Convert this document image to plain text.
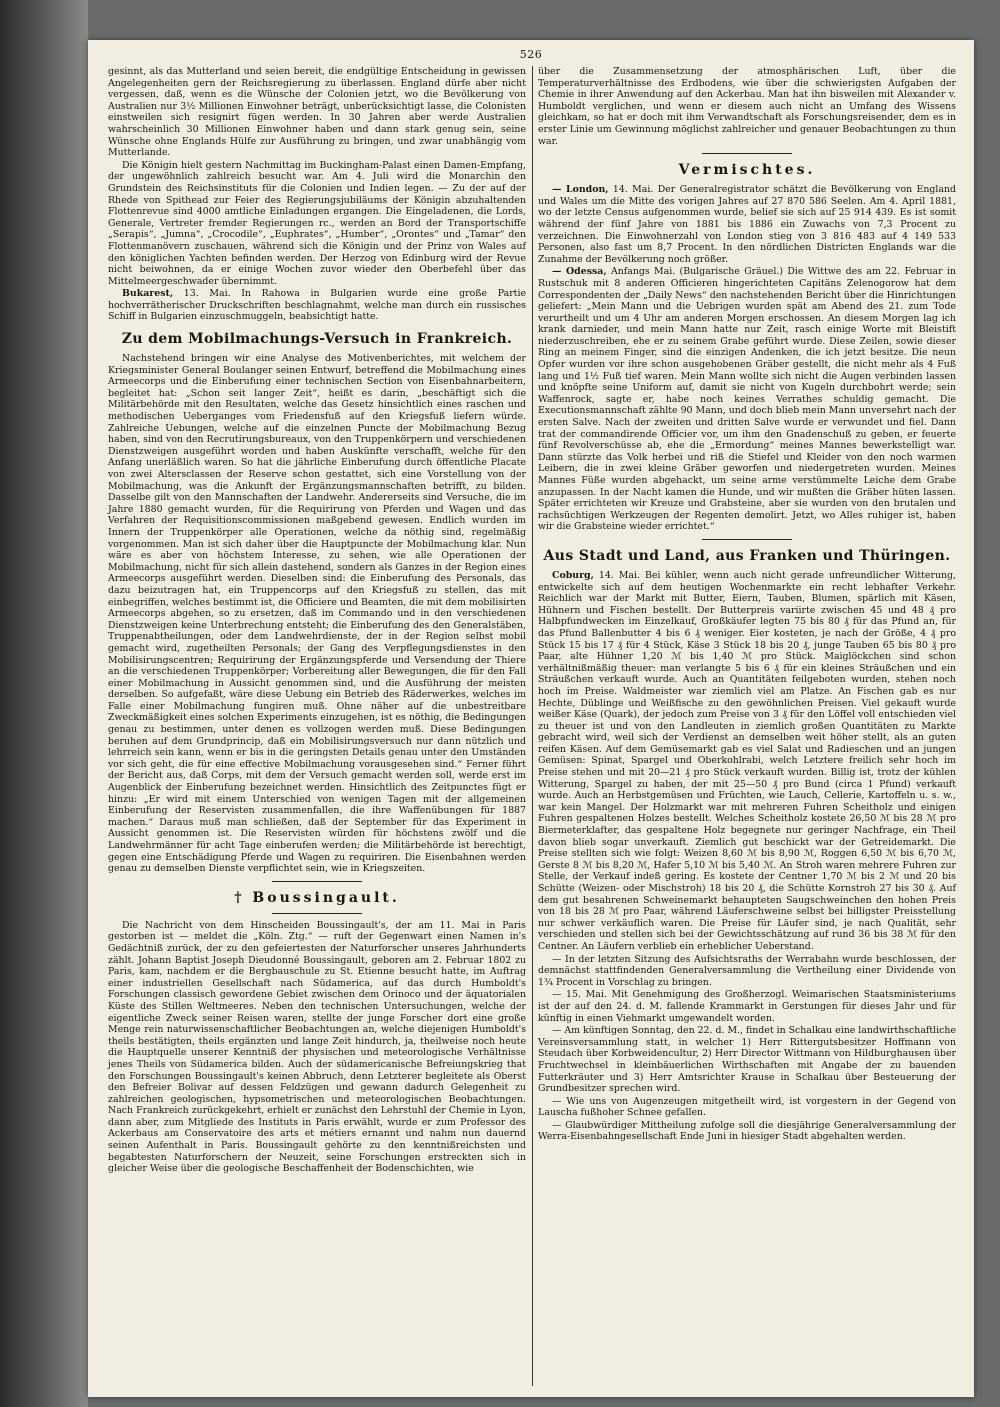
526

gesinnt, als das Mutterland und seien bereit, die endgültige Entscheidung in gewissen Angelegenheiten gern der Reichsregierung zu überlassen. England dürfe aber nicht vergessen, daß, wenn es die Wünsche der Colonien jetzt, wo die Bevölkerung von Australien nur 3½ Millionen Einwohner beträgt, unberücksichtigt lasse, die Colonisten einstweilen sich resignirt fügen werden. In 30 Jahren aber werde Australien wahrscheinlich 30 Millionen Einwohner haben und dann stark genug sein, seine Wünsche ohne Englands Hülfe zur Ausführung zu bringen, und zwar unabhängig vom Mutterlande.

Die Königin hielt gestern Nachmittag im Buckingham-Palast einen Damen-Empfang, der ungewöhnlich zahlreich besucht war. Am 4. Juli wird die Monarchin den Grundstein des Reichsinstituts für die Colonien und Indien legen. — Zu der auf der Rhede von Spithead zur Feier des Regierungsjubiläums der Königin abzuhaltenden Flottenrevue sind 4000 amtliche Einladungen ergangen. Die Eingeladenen, die Lords, Generale, Vertreter fremder Regierungen rc., werden an Bord der Transportschiffe „Serapis“, „Jumna“, „Crocodile“, „Euphrates“, „Humber“, „Orontes“ und „Tamar“ den Flottenmanövern zuschauen, während sich die Königin und der Prinz von Wales auf den königlichen Yachten befinden werden. Der Herzog von Edinburg wird der Revue nicht beiwohnen, da er einige Wochen zuvor wieder den Oberbefehl über das Mittelmeergeschwader übernimmt.

Bukarest, 13. Mai. In Rahowa in Bulgarien wurde eine große Partie hochverrätherischer Druckschriften beschlagnahmt, welche man durch ein russisches Schiff in Bulgarien einzuschmuggeln, beabsichtigt hatte.

Zu dem Mobilmachungs-Versuch in Frankreich.

Nachstehend bringen wir eine Analyse des Motivenberichtes, mit welchem der Kriegsminister General Boulanger seinen Entwurf, betreffend die Mobilmachung eines Armeecorps und die Einberufung einer technischen Section von Eisenbahnarbeitern, begleitet hat: „Schon seit langer Zeit“, heißt es darin, „beschäftigt sich die Militärbehörde mit den Resultaten, welche das Gesetz hinsichtlich eines raschen und methodischen Ueberganges vom Friedensfuß auf den Kriegsfuß liefern würde. Zahlreiche Uebungen, welche auf die einzelnen Puncte der Mobilmachung Bezug haben, sind von den Recrutirungsbureaux, von den Truppenkörpern und verschiedenen Dienstzweigen ausgeführt worden und haben Auskünfte verschafft, welche für den Anfang unerläßlich waren. So hat die jährliche Einberufung durch öffentliche Placate von zwei Altersclassen der Reserve schon gestattet, sich eine Vorstellung von der Mobilmachung, was die Ankunft der Ergänzungsmannschaften betrifft, zu bilden. Dasselbe gilt von den Mannschaften der Landwehr. Andererseits sind Versuche, die im Jahre 1880 gemacht wurden, für die Requirirung von Pferden und Wagen und das Verfahren der Requisitionscommissionen maßgebend gewesen. Endlich wurden im Innern der Truppenkörper alle Operationen, welche da nöthig sind, regelmäßig vorgenommen. Man ist sich daher über die Hauptpuncte der Mobilmachung klar. Nun wäre es aber von höchstem Interesse, zu sehen, wie alle Operationen der Mobilmachung, nicht für sich allein dastehend, sondern als Ganzes in der Region eines Armeecorps ausgeführt werden. Dieselben sind: die Einberufung des Personals, das dazu beizutragen hat, ein Truppencorps auf den Kriegsfuß zu stellen, das mit einbegriffen, welches bestimmt ist, die Officiere und Beamten, die mit dem mobilisirten Armeecorps abgehen, so zu ersetzen, daß im Commando und in den verschiedenen Dienstzweigen keine Unterbrechung entsteht; die Einberufung des den Generalstäben, Truppenabtheilungen, oder dem Landwehrdienste, der in der Region selbst mobil gemacht wird, zugetheilten Personals; der Gang des Verpflegungsdienstes in den Mobilisirungscentren; Requirirung der Ergänzungspferde und Versendung der Thiere an die verschiedenen Truppenkörper; Vorbereitung aller Bewegungen, die für den Fall einer Mobilmachung in Aussicht genommen sind, und die Ausführung der meisten derselben. So aufgefaßt, wäre diese Uebung ein Betrieb des Räderwerkes, welches im Falle einer Mobilmachung fungiren muß. Ohne näher auf die unbestreitbare Zweckmäßigkeit eines solchen Experiments einzugehen, ist es nöthig, die Bedingungen genau zu bestimmen, unter denen es vollzogen werden muß. Diese Bedingungen beruhen auf dem Grundprincip, daß ein Mobilisirungsversuch nur dann nützlich und lehrreich sein kann, wenn er bis in die geringsten Details genau unter den Umständen vor sich geht, die für eine effective Mobilmachung vorausgesehen sind.“ Ferner führt der Bericht aus, daß Corps, mit dem der Versuch gemacht werden soll, werde erst im Augenblick der Einberufung bezeichnet werden. Hinsichtlich des Zeitpunctes fügt er hinzu: „Er wird mit einem Unterschied von wenigen Tagen mit der allgemeinen Einberufung der Reservisten zusammenfallen, die ihre Waffenübungen für 1887 machen.“ Daraus muß man schließen, daß der September für das Experiment in Aussicht genommen ist. Die Reservisten würden für höchstens zwölf und die Landwehrmänner für acht Tage einberufen werden; die Militärbehörde ist berechtigt, gegen eine Entschädigung Pferde und Wagen zu requiriren. Die Eisenbahnen werden genau zu demselben Dienste verpflichtet sein, wie in Kriegszeiten.

† Boussingault.

Die Nachricht von dem Hinscheiden Boussingault's, der am 11. Mai in Paris gestorben ist — meldet die „Köln. Ztg.“ — ruft der Gegenwart einen Namen in's Gedächtniß zurück, der zu den gefeiertesten der Naturforscher unseres Jahrhunderts zählt. Johann Baptist Joseph Dieudonné Boussingault, geboren am 2. Februar 1802 zu Paris, kam, nachdem er die Bergbauschule zu St. Etienne besucht hatte, im Auftrag einer industriellen Gesellschaft nach Südamerica, auf das durch Humboldt's Forschungen classisch gewordene Gebiet zwischen dem Orinoco und der äquatorialen Küste des Stillen Weltmeeres. Neben den technischen Untersuchungen, welche der eigentliche Zweck seiner Reisen waren, stellte der junge Forscher dort eine große Menge rein naturwissenschaftlicher Beobachtungen an, welche diejenigen Humboldt's theils bestätigten, theils ergänzten und lange Zeit hindurch, ja, theilweise noch heute die Hauptquelle unserer Kenntniß der physischen und meteorologische Verhältnisse jenes Theils von Südamerica bilden. Auch der südamericanische Befreiungskrieg that den Forschungen Boussingault's keinen Abbruch, denn Letzterer begleitete als Oberst den Befreier Bolivar auf dessen Feldzügen und gewann dadurch Gelegenheit zu zahlreichen geologischen, hypsometrischen und meteorologischen Beobachtungen. Nach Frankreich zurückgekehrt, erhielt er zunächst den Lehrstuhl der Chemie in Lyon, dann aber, zum Mitgliede des Instituts in Paris erwählt, wurde er zum Professor des Ackerbaus am Conservatoire des arts et métiers ernannt und nahm nun dauernd seinen Aufenthalt in Paris. Boussingault gehörte zu den kenntnißreichsten und begabtesten Naturforschern der Neuzeit, seine Forschungen erstreckten sich in gleicher Weise über die geologische Beschaffenheit der Bodenschichten, wie

über die Zusammensetzung der atmosphärischen Luft, über die Temperaturverhältnisse des Erdbodens, wie über die schwierigsten Aufgaben der Chemie in ihrer Anwendung auf den Ackerbau. Man hat ihn bisweilen mit Alexander v. Humboldt verglichen, und wenn er diesem auch nicht an Umfang des Wissens gleichkam, so hat er doch mit ihm Verwandtschaft als Forschungsreisender, dem es in erster Linie um Gewinnung möglichst zahlreicher und genauer Beobachtungen zu thun war.

Vermischtes.

— London, 14. Mai. Der Generalregistrator schätzt die Bevölkerung von England und Wales um die Mitte des vorigen Jahres auf 27 870 586 Seelen. Am 4. April 1881, wo der letzte Census aufgenommen wurde, belief sie sich auf 25 914 439. Es ist somit während der fünf Jahre von 1881 bis 1886 ein Zuwachs von 7,3 Procent zu verzeichnen. Die Einwohnerzahl von London stieg von 3 816 483 auf 4 149 533 Personen, also fast um 8,7 Procent. In den nördlichen Districten Englands war die Zunahme der Bevölkerung noch größer.

— Odessa, Anfangs Mai. (Bulgarische Gräuel.) Die Wittwe des am 22. Februar in Rustschuk mit 8 anderen Officieren hingerichteten Capitäns Zelenogorow hat dem Correspondenten der „Daily News“ den nachstehenden Bericht über die Hinrichtungen geliefert: „Mein Mann und die Uebrigen wurden spät am Abend des 21. zum Tode verurtheilt und um 4 Uhr am anderen Morgen erschossen. An diesem Morgen lag ich krank darnieder, und mein Mann hatte nur Zeit, rasch einige Worte mit Bleistift niederzuschreiben, ehe er zu seinem Grabe geführt wurde. Diese Zeilen, sowie dieser Ring an meinem Finger, sind die einzigen Andenken, die ich jetzt besitze. Die neun Opfer wurden vor ihre schon ausgehobenen Gräber gestellt, die nicht mehr als 4 Fuß lang und 1½ Fuß tief waren. Mein Mann wollte sich nicht die Augen verbinden lassen und knöpfte seine Uniform auf, damit sie nicht von Kugeln durchbohrt werde; sein Waffenrock, sagte er, habe noch keines Verrathes schuldig gemacht. Die Executionsmannschaft zählte 90 Mann, und doch blieb mein Mann unversehrt nach der ersten Salve. Nach der zweiten und dritten Salve wurde er verwundet und fiel. Dann trat der commandirende Officier vor, um ihm den Gnadenschuß zu geben, er feuerte fünf Revolverschüsse ab, ehe die „Ermordung“ meines Mannes bewerkstelligt war. Dann stürzte das Volk herbei und riß die Stiefel und Kleider von den noch warmen Leibern, die in zwei kleine Gräber geworfen und niedergetreten wurden. Meines Mannes Füße wurden abgehackt, um seine arme verstümmelte Leiche dem Grabe anzupassen. In der Nacht kamen die Hunde, und wir mußten die Gräber hüten lassen. Später errichteten wir Kreuze und Grabsteine, aber sie wurden von den brutalen und rachsüchtigen Werkzeugen der Regenten demolirt. Jetzt, wo Alles ruhiger ist, haben wir die Grabsteine wieder errichtet.“

Aus Stadt und Land, aus Franken und Thüringen.

Coburg, 14. Mai. Bei kühler, wenn auch nicht gerade unfreundlicher Witterung, entwickelte sich auf dem heutigen Wochenmarkte ein recht lebhafter Verkehr. Reichlich war der Markt mit Butter, Eiern, Tauben, Blumen, spärlich mit Käsen, Hühnern und Fischen bestellt. Der Butterpreis variirte zwischen 45 und 48 ₰ pro Halbpfundwecken im Einzelkauf, Großkäufer legten 75 bis 80 ₰ für das Pfund an, für das Pfund Ballenbutter 4 bis 6 ₰ weniger. Eier kosteten, je nach der Größe, 4 ₰ pro Stück 15 bis 17 ₰ für 4 Stück, Käse 3 Stück 18 bis 20 ₰, junge Tauben 65 bis 80 ₰ pro Paar, alte Hühner 1,20 ℳ bis 1,40 ℳ pro Stück. Maiglöckchen sind schon verhältnißmäßig theuer: man verlangte 5 bis 6 ₰ für ein kleines Sträußchen und ein Sträußchen verkauft wurde. Auch an Quantitäten feilgeboten wurden, stehen noch hoch im Preise. Waldmeister war ziemlich viel am Platze. An Fischen gab es nur Hechte, Düblinge und Weißfische zu den gewöhnlichen Preisen. Viel gekauft wurde weißer Käse (Quark), der jedoch zum Preise von 3 ₰ für den Löffel voll entschieden viel zu theuer ist und von den Landleuten in ziemlich großen Quantitäten zu Markte gebracht wird, weil sich der Verdienst an demselben weit höher stellt, als an guten reifen Käsen. Auf dem Gemüsemarkt gab es viel Salat und Radieschen und an jungen Gemüsen: Spinat, Spargel und Oberkohlrabi, welch Letztere freilich sehr hoch im Preise stehen und mit 20—21 ₰ pro Stück verkauft wurden. Billig ist, trotz der kühlen Witterung, Spargel zu haben, der mit 25—50 ₰ pro Bund (circa 1 Pfund) verkauft wurde. Auch an Herbstgemüsen und Früchten, wie Lauch, Cellerie, Kartoffeln u. s. w., war kein Mangel. Der Holzmarkt war mit mehreren Fuhren Scheitholz und einigen Fuhren gespaltenen Holzes bestellt. Welches Scheitholz kostete 26,50 ℳ bis 28 ℳ pro Biermeterklafter, das gespaltene Holz begegnete nur geringer Nachfrage, ein Theil davon blieb sogar unverkauft. Ziemlich gut beschickt war der Getreidemarkt. Die Preise stellten sich wie folgt: Weizen 8,60 ℳ bis 8,90 ℳ, Roggen 6,50 ℳ bis 6,70 ℳ, Gerste 8 ℳ bis 8,20 ℳ, Hafer 5,10 ℳ bis 5,40 ℳ. An Stroh waren mehrere Fuhren zur Stelle, der Verkauf indeß gering. Es kostete der Centner 1,70 ℳ bis 2 ℳ und 20 bis Schütte (Weizen- oder Mischstroh) 18 bis 20 ₰, die Schütte Kornstroh 27 bis 30 ₰. Auf dem gut besahrenen Schweinemarkt behaupteten Saugschweinchen den hohen Preis von 18 bis 28 ℳ pro Paar, während Läuferschweine selbst bei billigster Preisstellung nur schwer verkäuflich waren. Die Preise für Läufer sind, je nach Qualität, sehr verschieden und stellen sich bei der Gewichtsschätzung auf rund 36 bis 38 ℳ für den Centner. An Läufern verblieb ein erheblicher Ueberstand.

— In der letzten Sitzung des Aufsichtsraths der Werrabahn wurde beschlossen, der demnächst stattfindenden Generalversammlung die Vertheilung einer Dividende von 1¾ Procent in Vorschlag zu bringen.

— 15. Mai. Mit Genehmigung des Großherzogl. Weimarischen Staatsministeriums ist der auf den 24. d. M. fallende Krammarkt in Gerstungen für dieses Jahr und für künftig in einen Viehmarkt umgewandelt worden.

— Am künftigen Sonntag, den 22. d. M., findet in Schalkau eine landwirthschaftliche Vereinsversammlung statt, in welcher 1) Herr Rittergutsbesitzer Hoffmann von Steudach über Korbweidencultur, 2) Herr Director Wittmann von Hildburghausen über Fruchtwechsel in kleinbäuerlichen Wirthschaften mit Angabe der zu bauenden Futterkräuter und 3) Herr Amtsrichter Krause in Schalkau über Besteuerung der Grundbesitzer sprechen wird.

— Wie uns von Augenzeugen mitgetheilt wird, ist vorgestern in der Gegend von Lauscha fußhoher Schnee gefallen.

— Glaubwürdiger Mittheilung zufolge soll die diesjährige Generalversammlung der Werra-Eisenbahngesellschaft Ende Juni in hiesiger Stadt abgehalten werden.
